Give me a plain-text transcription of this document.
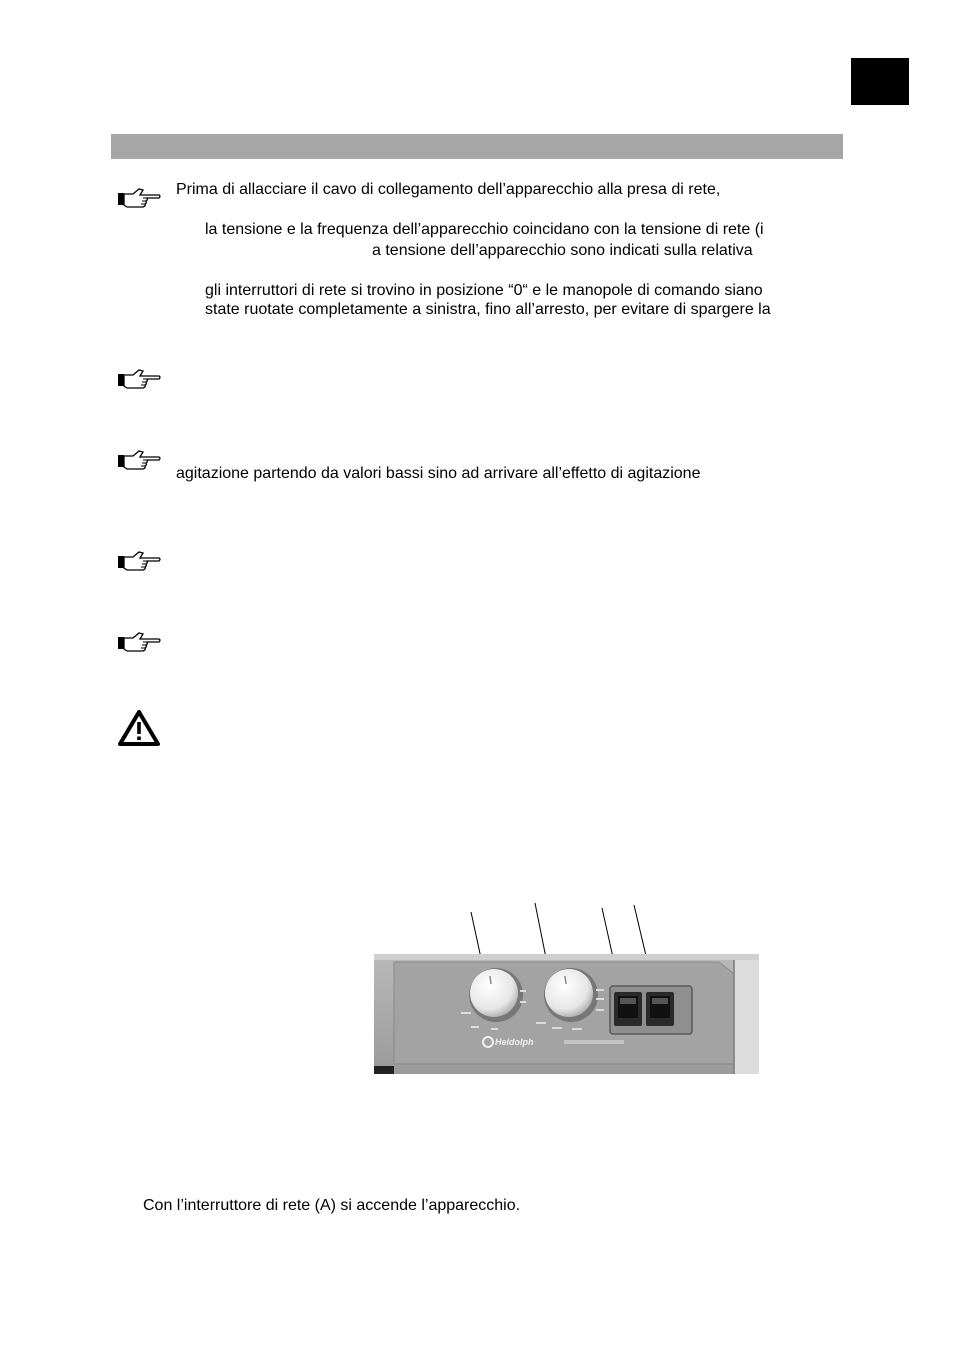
Prima di allacciare il cavo di collegamento dell’apparecchio alla presa di rete,
la tensione e la frequenza dell’apparecchio coincidano con la tensione di rete (i
a tensione dell’apparecchio sono indicati sulla relativa
gli interruttori di rete si trovino in posizione “0“ e le manopole di comando siano
state ruotate completamente a sinistra, fino all’arresto, per evitare di spargere la
agitazione partendo da valori bassi sino ad arrivare all’effetto di agitazione
Heidolph
Con l’interruttore di rete (A) si accende l’apparecchio.
